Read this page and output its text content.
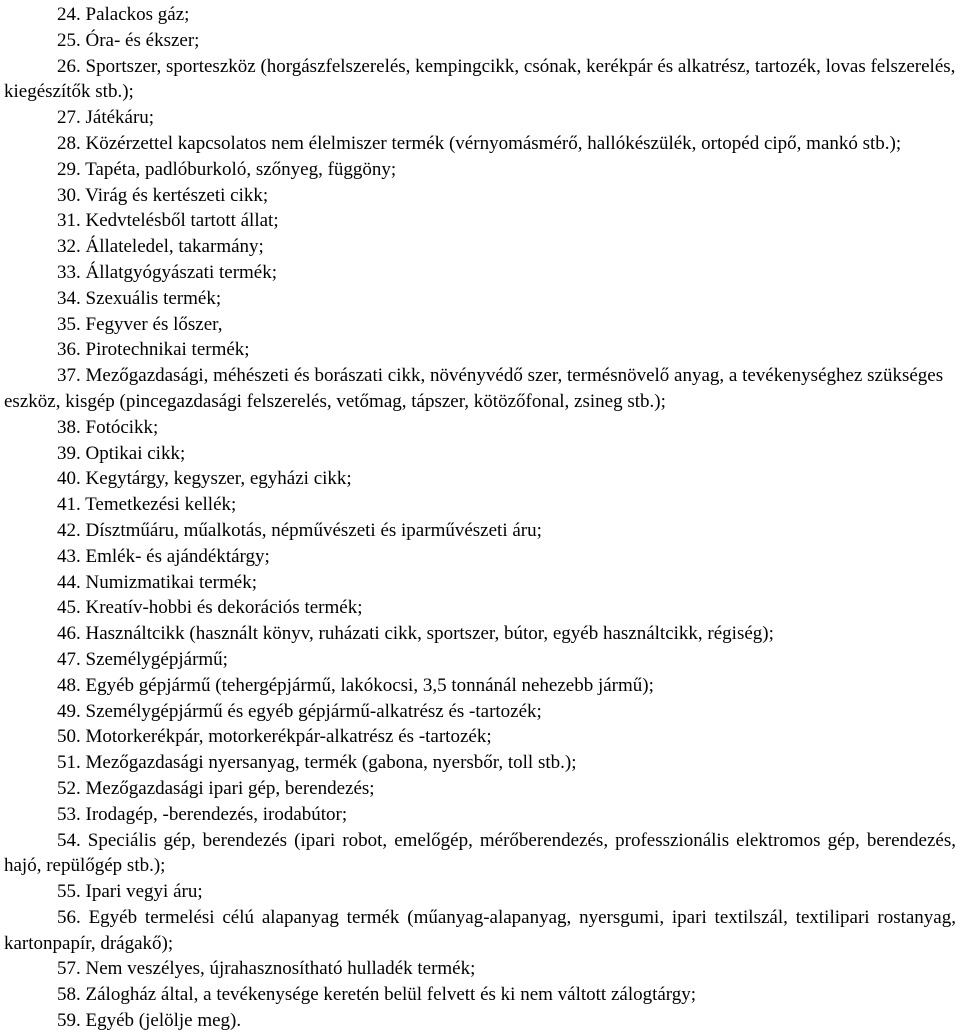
24. Palackos gáz;

25. Óra- és ékszer;

26. Sportszer, sporteszköz (horgászfelszerelés, kempingcikk, csónak, kerékpár és alkatrész, tartozék, lovas felszerelés, kiegészítők stb.);

27. Játékáru;

28. Közérzettel kapcsolatos nem élelmiszer termék (vérnyomásmérő, hallókészülék, ortopéd cipő, mankó stb.);

29. Tapéta, padlóburkoló, szőnyeg, függöny;

30. Virág és kertészeti cikk;

31. Kedvtelésből tartott állat;

32. Állateledel, takarmány;

33. Állatgyógyászati termék;

34. Szexuális termék;

35. Fegyver és lőszer,

36. Pirotechnikai termék;

37. Mezőgazdasági, méhészeti és borászati cikk, növényvédő szer, termésnövelő anyag, a tevékenységhez szükséges eszköz, kisgép (pincegazdasági felszerelés, vetőmag, tápszer, kötözőfonal, zsineg stb.);

38. Fotócikk;

39. Optikai cikk;

40. Kegytárgy, kegyszer, egyházi cikk;

41. Temetkezési kellék;

42. Dísztműáru, műalkotás, népművészeti és iparművészeti áru;

43. Emlék- és ajándéktárgy;

44. Numizmatikai termék;

45. Kreatív-hobbi és dekorációs termék;

46. Használtcikk (használt könyv, ruházati cikk, sportszer, bútor, egyéb használtcikk, régiség);

47. Személygépjármű;

48. Egyéb gépjármű (tehergépjármű, lakókocsi, 3,5 tonnánál nehezebb jármű);

49. Személygépjármű és egyéb gépjármű-alkatrész és -tartozék;

50. Motorkerékpár, motorkerékpár-alkatrész és -tartozék;

51. Mezőgazdasági nyersanyag, termék (gabona, nyersbőr, toll stb.);

52. Mezőgazdasági ipari gép, berendezés;

53. Irodagép, -berendezés, irodabútor;

54. Speciális gép, berendezés (ipari robot, emelőgép, mérőberendezés, professzionális elektromos gép, berendezés, hajó, repülőgép stb.);

55. Ipari vegyi áru;

56. Egyéb termelési célú alapanyag termék (műanyag-alapanyag, nyersgumi, ipari textilszál, textilipari rostanyag, kartonpapír, drágakő);

57. Nem veszélyes, újrahasznosítható hulladék termék;

58. Zálogház által, a tevékenysége keretén belül felvett és ki nem váltott zálogtárgy;

59. Egyéb (jelölje meg).
